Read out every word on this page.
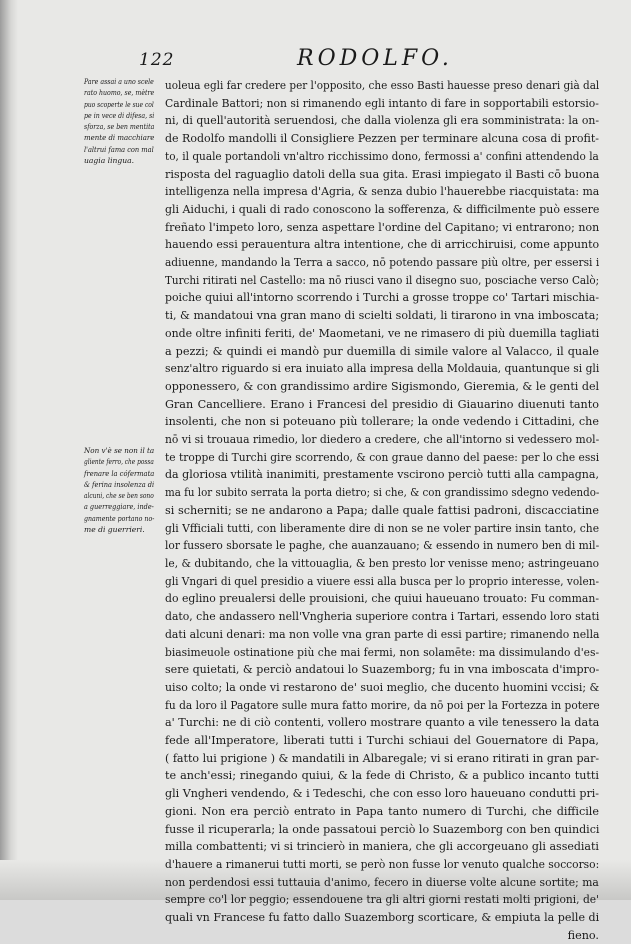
122	RODOLFO.
Pare assai a uno scele
rato huomo, se, mètre
puo scoperte le sue col
pe in vece di difesa, si
sforza, se ben mentita
mente di macchiare
l'altrui fama con mal
uagia lingua.
Non v'è se non il ta
gliente ferro, che possa
frenare la cófermata
& ferina insolenza di
alcuni, che se ben sono
a guerreggiare, inde-
gnamente portano no-
me di guerrieri.
uoleua egli far credere per l'opposito, che esso Basti hauesse preso denari già dal
Cardinale Battori; non si rimanendo egli intanto di fare in sopportabili estorsio-
ni, di quell'autorità seruendosi, che dalla violenza gli era somministrata: la on-
de Rodolfo mandolli il Consigliere Pezzen per terminare alcuna cosa di profit-
to, il quale portandoli vn'altro ricchissimo dono, fermossi a' confini attendendo la
risposta del raguaglio datoli della sua gita. Erasi impiegato il Basti cō buona
intelligenza nella impresa d'Agria, & senza dubio l'hauerebbe riacquistata: ma
gli Aiduchi, i quali di rado conoscono la sofferenza, & difficilmente può essere
freñato l'impeto loro, senza aspettare l'ordine del Capitano; vi entrarono; non
hauendo essi perauentura altra intentione, che di arricchiruisi, come appunto
adiuenne, mandando la Terra a sacco, nō potendo passare più oltre, per essersi i
Turchi ritirati nel Castello: ma nō riusci vano il disegno suo, posciache verso Calò;
poiche quiui all'intorno scorrendo i Turchi a grosse troppe co' Tartari mischia-
ti, & mandatoui vna gran mano di scielti soldati, li tirarono in vna imboscata;
onde oltre infiniti feriti, de' Maometani, ve ne rimasero di più duemilla tagliati
a pezzi; & quindi ei mandò pur duemilla di simile valore al Valacco, il quale
senz'altro riguardo si era inuiato alla impresa della Moldauia, quantunque si gli
opponessero, & con grandissimo ardire Sigismondo, Gieremia, & le genti del
Gran Cancelliere. Erano i Francesi del presidio di Giauarino diuenuti tanto
insolenti, che non si poteuano più tollerare; la onde vedendo i Cittadini, che
nō vi si trouaua rimedio, lor diedero a credere, che all'intorno si vedessero mol-
te troppe di Turchi gire scorrendo, & con graue danno del paese: per lo che essi
da gloriosa vtilità inanimiti, prestamente vscirono perciò tutti alla campagna,
ma fu lor subito serrata la porta dietro; si che, & con grandissimo sdegno vedendo-
si scherniti; se ne andarono a Papa; dalle quale fattisi padroni, discacciatine
gli Vfficiali tutti, con liberamente dire di non se ne voler partire insin tanto, che
lor fussero sborsate le paghe, che auanzauano; & essendo in numero ben di mil-
le, & dubitando, che la vittouaglia, & ben presto lor venisse meno; astringeuano
gli Vngari di quel presidio a viuere essi alla busca per lo proprio interesse, volen-
do eglino preualersi delle prouisioni, che quiui haueuano trouato: Fu comman-
dato, che andassero nell'Vngheria superiore contra i Tartari, essendo loro stati
dati alcuni denari: ma non volle vna gran parte di essi partire; rimanendo nella
biasimeuole ostinatione più che mai fermi, non solamēte: ma dissimulando d'es-
sere quietati, & perciò andatoui lo Suazemborg; fu in vna imboscata d'impro-
uiso colto; la onde vi restarono de' suoi meglio, che ducento huomini vccisi; &
fu da loro il Pagatore sulle mura fatto morire, da nō poi per la Fortezza in potere
a' Turchi: ne di ciò contenti, vollero mostrare quanto a vile tenessero la data
fede all'Imperatore, liberati tutti i Turchi schiaui del Gouernatore di Papa,
( fatto lui prigione ) & mandatili in Albaregale; vi si erano ritirati in gran par-
te anch'essi; rinegando quiui, & la fede di Christo, & a publico incanto tutti
gli Vngheri vendendo, & i Tedeschi, che con esso loro haueuano condutti pri-
gioni. Non era perciò entrato in Papa tanto numero di Turchi, che difficile
fusse il ricuperarla; la onde passatoui perciò lo Suazemborg con ben quindici
milla combattenti; vi si trincierò in maniera, che gli accorgeuano gli assediati
d'hauere a rimanerui tutti morti, se però non fusse lor venuto qualche soccorso:
non perdendosi essi tuttauia d'animo, fecero in diuerse volte alcune sortite; ma
sempre co'l lor peggio; essendouene tra gli altri giorni restati molti prigioni, de'
quali vn Francese fu fatto dallo Suazemborg scorticare, & empiuta la pelle di
fieno.
